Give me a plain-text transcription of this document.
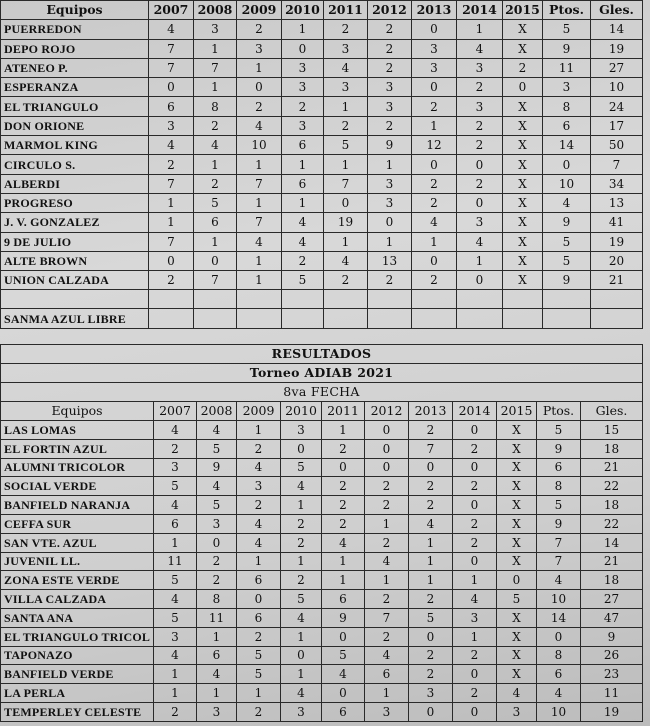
Equipos	2007	2008	2009	2010	2011	2012	2013	2014	2015	Ptos.	Gles.
PUERREDON	4	3	2	1	2	2	0	1	X	5	14
DEPO ROJO	7	1	3	0	3	2	3	4	X	9	19
ATENEO P.	7	7	1	3	4	2	3	3	2	11	27
ESPERANZA	0	1	0	3	3	3	0	2	0	3	10
EL TRIANGULO	6	8	2	2	1	3	2	3	X	8	24
DON ORIONE	3	2	4	3	2	2	1	2	X	6	17
MARMOL KING	4	4	10	6	5	9	12	2	X	14	50
CIRCULO S.	2	1	1	1	1	1	0	0	X	0	7
ALBERDI	7	2	7	6	7	3	2	2	X	10	34
PROGRESO	1	5	1	1	0	3	2	0	X	4	13
J. V. GONZALEZ	1	6	7	4	19	0	4	3	X	9	41
9 DE JULIO	7	1	4	4	1	1	1	4	X	5	19
ALTE BROWN	0	0	1	2	4	13	0	1	X	5	20
UNION CALZADA	2	7	1	5	2	2	2	0	X	9	21

SANMA AZUL LIBRE											
RESULTADOS											
Torneo ADIAB 2021											
8va FECHA											
Equipos	2007	2008	2009	2010	2011	2012	2013	2014	2015	Ptos.	Gles.
LAS LOMAS	4	4	1	3	1	0	2	0	X	5	15
EL FORTIN AZUL	2	5	2	0	2	0	7	2	X	9	18
ALUMNI TRICOLOR	3	9	4	5	0	0	0	0	X	6	21
SOCIAL VERDE	5	4	3	4	2	2	2	2	X	8	22
BANFIELD NARANJA	4	5	2	1	2	2	2	0	X	5	18
CEFFA SUR	6	3	4	2	2	1	4	2	X	9	22
SAN VTE. AZUL	1	0	4	2	4	2	1	2	X	7	14
JUVENIL LL.	11	2	1	1	1	4	1	0	X	7	21
ZONA ESTE VERDE	5	2	6	2	1	1	1	1	0	4	18
VILLA CALZADA	4	8	0	5	6	2	2	4	5	10	27
SANTA ANA	5	11	6	4	9	7	5	3	X	14	47
EL TRIANGULO TRICOL	3	1	2	1	0	2	0	1	X	0	9
TAPONAZO	4	6	5	0	5	4	2	2	X	8	26
BANFIELD VERDE	1	4	5	1	4	6	2	0	X	6	23
LA PERLA	1	1	1	4	0	1	3	2	4	4	11
TEMPERLEY CELESTE	2	3	2	3	6	3	0	0	3	10	19
